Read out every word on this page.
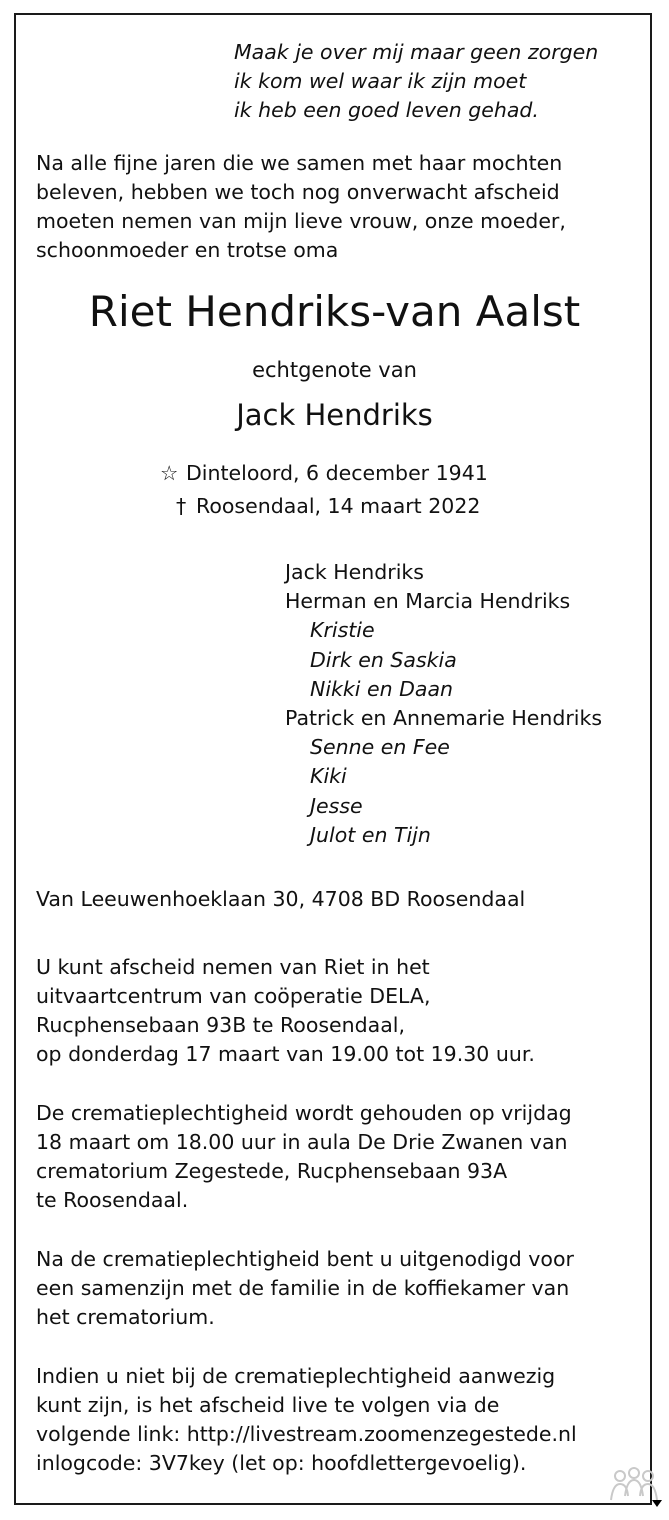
Maak je over mij maar geen zorgen
ik kom wel waar ik zijn moet
ik heb een goed leven gehad.
Na alle fijne jaren die we samen met haar mochten
beleven, hebben we toch nog onverwacht afscheid
moeten nemen van mijn lieve vrouw, onze moeder,
schoonmoeder en trotse oma
Riet Hendriks-van Aalst
echtgenote van
Jack Hendriks
☆ Dinteloord, 6 december 1941
† Roosendaal, 14 maart 2022
Jack Hendriks
Herman en Marcia Hendriks
Kristie
Dirk en Saskia
Nikki en Daan
Patrick en Annemarie Hendriks
Senne en Fee
Kiki
Jesse
Julot en Tijn
Van Leeuwenhoeklaan 30, 4708 BD Roosendaal
U kunt afscheid nemen van Riet in het
uitvaartcentrum van coöperatie DELA,
Rucphensebaan 93B te Roosendaal,
op donderdag 17 maart van 19.00 tot 19.30 uur.
De crematieplechtigheid wordt gehouden op vrijdag
18 maart om 18.00 uur in aula De Drie Zwanen van
crematorium Zegestede, Rucphensebaan 93A
te Roosendaal.
Na de crematieplechtigheid bent u uitgenodigd voor
een samenzijn met de familie in de koffiekamer van
het crematorium.
Indien u niet bij de crematieplechtigheid aanwezig
kunt zijn, is het afscheid live te volgen via de
volgende link: http://livestream.zoomenzegestede.nl
inlogcode: 3V7key (let op: hoofdlettergevoelig).
